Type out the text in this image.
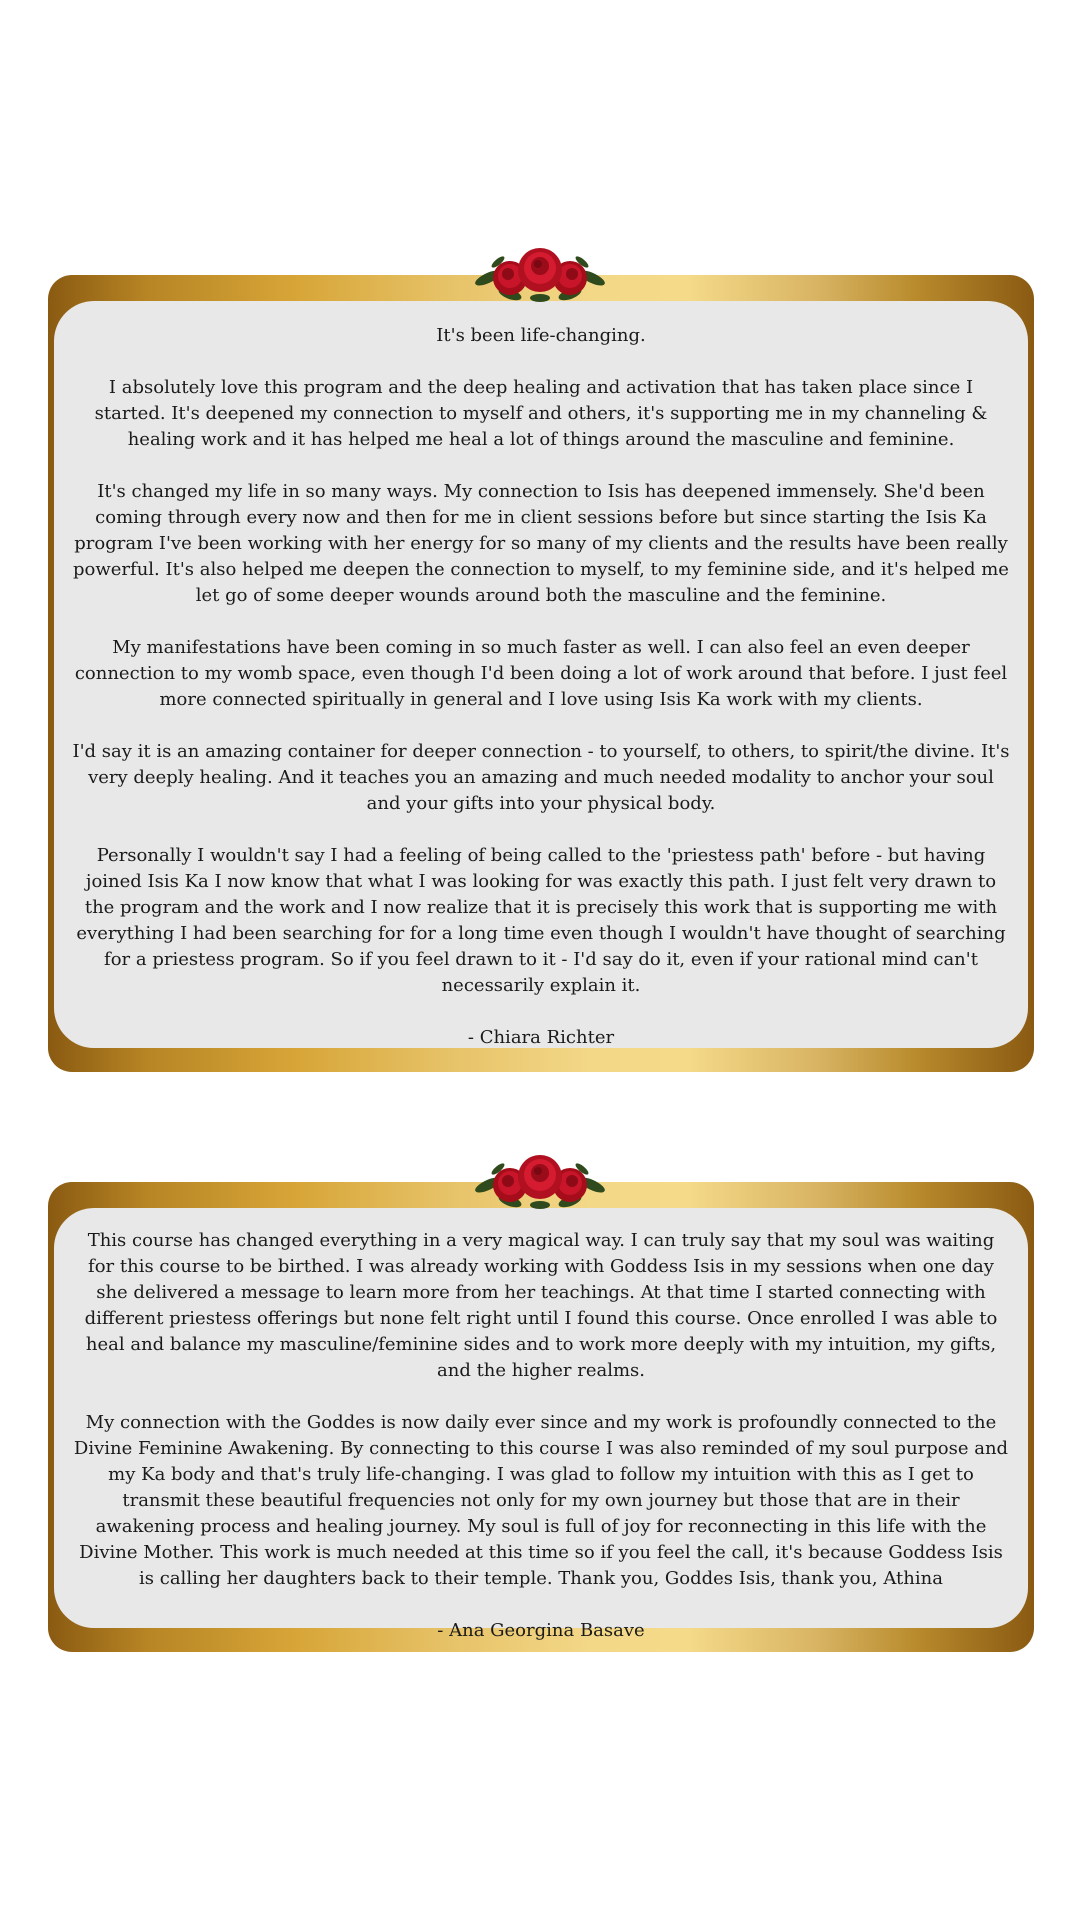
It's been life-changing.

I absolutely love this program and the deep healing and activation that has taken place since I started. It's deepened my connection to myself and others, it's supporting me in my channeling & healing work and it has helped me heal a lot of things around the masculine and feminine.

It's changed my life in so many ways. My connection to Isis has deepened immensely. She'd been coming through every now and then for me in client sessions before but since starting the Isis Ka program I've been working with her energy for so many of my clients and the results have been really powerful. It's also helped me deepen the connection to myself, to my feminine side, and it's helped me let go of some deeper wounds around both the masculine and the feminine.

My manifestations have been coming in so much faster as well. I can also feel an even deeper connection to my womb space, even though I'd been doing a lot of work around that before. I just feel more connected spiritually in general and I love using Isis Ka work with my clients.

I'd say it is an amazing container for deeper connection - to yourself, to others, to spirit/the divine. It's very deeply healing. And it teaches you an amazing and much needed modality to anchor your soul and your gifts into your physical body.

Personally I wouldn't say I had a feeling of being called to the 'priestess path' before - but having joined Isis Ka I now know that what I was looking for was exactly this path. I just felt very drawn to the program and the work and I now realize that it is precisely this work that is supporting me with everything I had been searching for for a long time even though I wouldn't have thought of searching for a priestess program. So if you feel drawn to it - I'd say do it, even if your rational mind can't necessarily explain it.

- Chiara Richter

This course has changed everything in a very magical way. I can truly say that my soul was waiting for this course to be birthed. I was already working with Goddess Isis in my sessions when one day she delivered a message to learn more from her teachings. At that time I started connecting with different priestess offerings but none felt right until I found this course. Once enrolled I was able to heal and balance my masculine/feminine sides and to work more deeply with my intuition, my gifts, and the higher realms.

My connection with the Goddes is now daily ever since and my work is profoundly connected to the Divine Feminine Awakening. By connecting to this course I was also reminded of my soul purpose and my Ka body and that's truly life-changing. I was glad to follow my intuition with this as I get to transmit these beautiful frequencies not only for my own journey but those that are in their awakening process and healing journey. My soul is full of joy for reconnecting in this life with the Divine Mother. This work is much needed at this time so if you feel the call, it's because Goddess Isis is calling her daughters back to their temple. Thank you, Goddes Isis, thank you, Athina

- Ana Georgina Basave
